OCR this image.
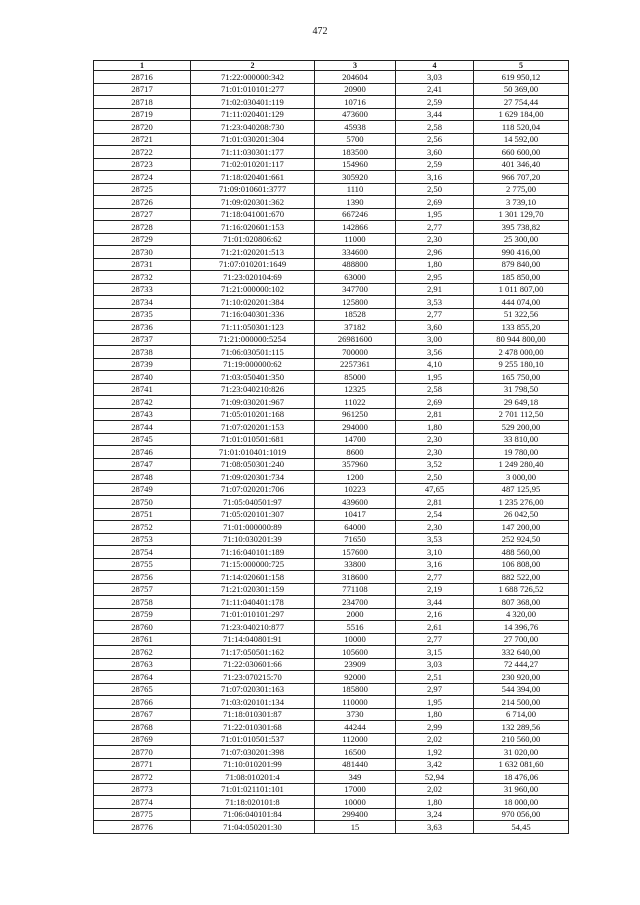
472
1	2	3	4	5
28716	71:22:000000:342	204604	3,03	619 950,12
28717	71:01:010101:277	20900	2,41	50 369,00
28718	71:02:030401:119	10716	2,59	27 754,44
28719	71:11:020401:129	473600	3,44	1 629 184,00
28720	71:23:040208:730	45938	2,58	118 520,04
28721	71:01:030201:304	5700	2,56	14 592,00
28722	71:11:030301:177	183500	3,60	660 600,00
28723	71:02:010201:117	154960	2,59	401 346,40
28724	71:18:020401:661	305920	3,16	966 707,20
28725	71:09:010601:3777	1110	2,50	2 775,00
28726	71:09:020301:362	1390	2,69	3 739,10
28727	71:18:041001:670	667246	1,95	1 301 129,70
28728	71:16:020601:153	142866	2,77	395 738,82
28729	71:01:020806:62	11000	2,30	25 300,00
28730	71:21:020201:513	334600	2,96	990 416,00
28731	71:07:010201:1649	488800	1,80	879 840,00
28732	71:23:020104:69	63000	2,95	185 850,00
28733	71:21:000000:102	347700	2,91	1 011 807,00
28734	71:10:020201:384	125800	3,53	444 074,00
28735	71:16:040301:336	18528	2,77	51 322,56
28736	71:11:050301:123	37182	3,60	133 855,20
28737	71:21:000000:5254	26981600	3,00	80 944 800,00
28738	71:06:030501:115	700000	3,56	2 478 000,00
28739	71:19:000000:62	2257361	4,10	9 255 180,10
28740	71:03:050401:350	85000	1,95	165 750,00
28741	71:23:040210:826	12325	2,58	31 798,50
28742	71:09:030201:967	11022	2,69	29 649,18
28743	71:05:010201:168	961250	2,81	2 701 112,50
28744	71:07:020201:153	294000	1,80	529 200,00
28745	71:01:010501:681	14700	2,30	33 810,00
28746	71:01:010401:1019	8600	2,30	19 780,00
28747	71:08:050301:240	357960	3,52	1 249 280,40
28748	71:09:020301:734	1200	2,50	3 000,00
28749	71:07:020201:706	10223	47,65	487 125,95
28750	71:05:040501:97	439600	2,81	1 235 276,00
28751	71:05:020101:307	10417	2,54	26 042,50
28752	71:01:000000:89	64000	2,30	147 200,00
28753	71:10:030201:39	71650	3,53	252 924,50
28754	71:16:040101:189	157600	3,10	488 560,00
28755	71:15:000000:725	33800	3,16	106 808,00
28756	71:14:020601:158	318600	2,77	882 522,00
28757	71:21:020301:159	771108	2,19	1 688 726,52
28758	71:11:040401:178	234700	3,44	807 368,00
28759	71:01:010101:297	2000	2,16	4 320,00
28760	71:23:040210:877	5516	2,61	14 396,76
28761	71:14:040801:91	10000	2,77	27 700,00
28762	71:17:050501:162	105600	3,15	332 640,00
28763	71:22:030601:66	23909	3,03	72 444,27
28764	71:23:070215:70	92000	2,51	230 920,00
28765	71:07:020301:163	185800	2,97	544 394,00
28766	71:03:020101:134	110000	1,95	214 500,00
28767	71:18:010301:87	3730	1,80	6 714,00
28768	71:22:010301:68	44244	2,99	132 289,56
28769	71:01:010501:537	112000	2,02	210 560,00
28770	71:07:030201:398	16500	1,92	31 020,00
28771	71:10:010201:99	481440	3,42	1 632 081,60
28772	71:08:010201:4	349	52,94	18 476,06
28773	71:01:021101:101	17000	2,02	31 960,00
28774	71:18:020101:8	10000	1,80	18 000,00
28775	71:06:040101:84	299400	3,24	970 056,00
28776	71:04:050201:30	15	3,63	54,45
